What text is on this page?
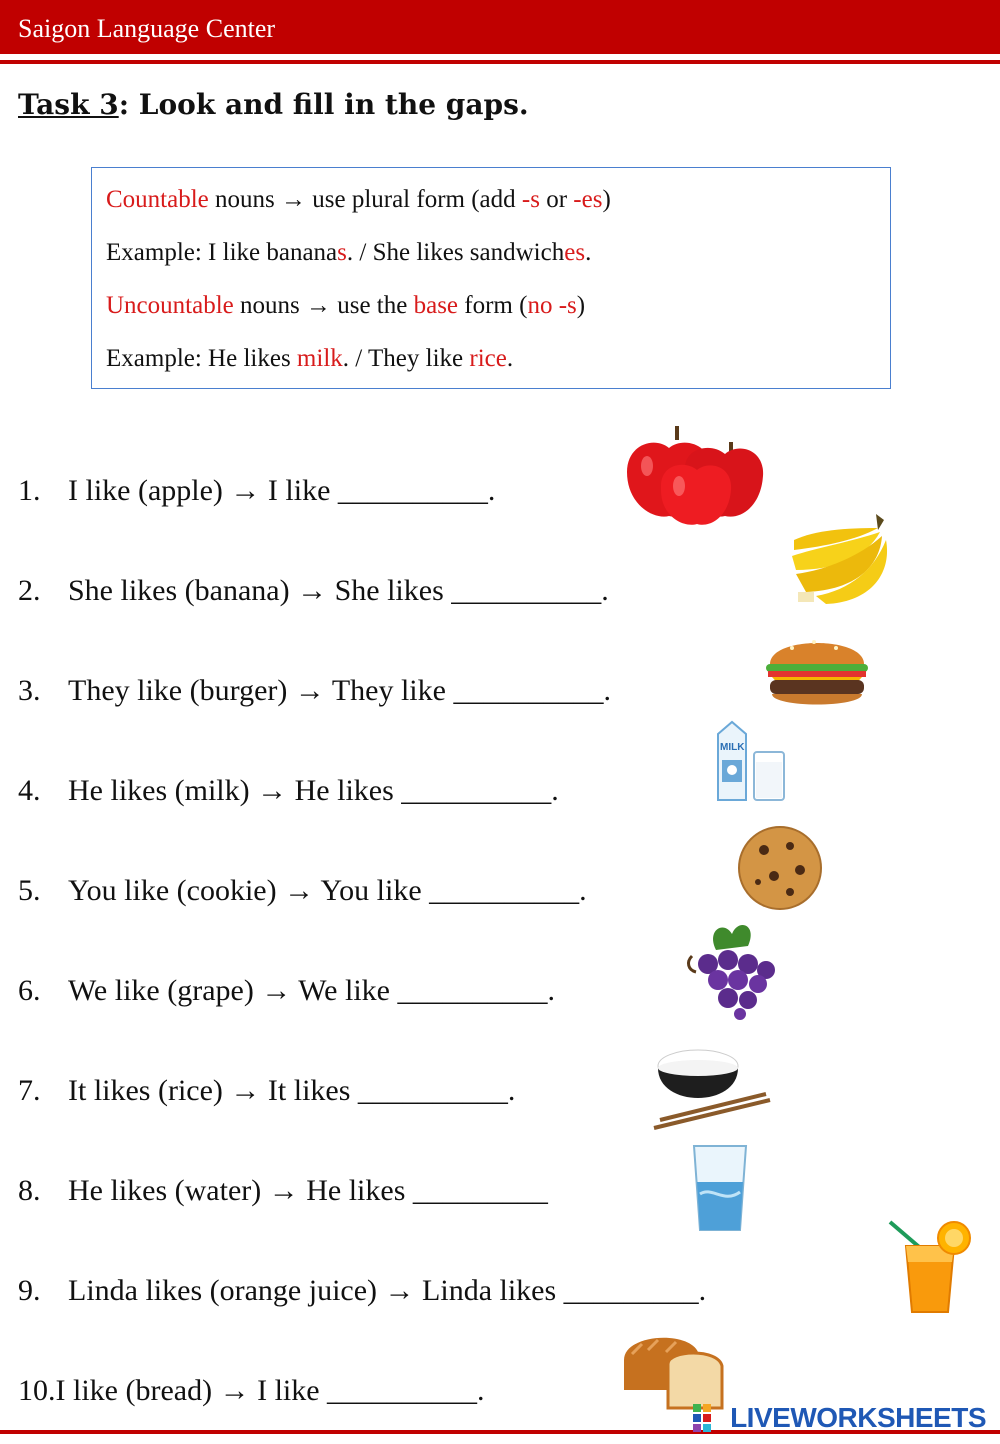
Saigon Language Center
Task 3: Look and fill in the gaps.
Countable nouns → use plural form (add -s or -es)
Example: I like bananas. / She likes sandwiches.
Uncountable nouns → use the base form (no -s)
Example: He likes milk. / They like rice.
1. I like (apple) → I like __________.
2. She likes (banana) → She likes __________.
3. They like (burger) → They like __________.
4. He likes (milk) → He likes __________.
5. You like (cookie) → You like __________.
6. We like (grape) → We like __________.
7. It likes (rice) → It likes __________.
8. He likes (water) → He likes _________
9. Linda likes (orange juice) → Linda likes _________.
10.I like (bread) → I like __________.
MILK
LIVEWORKSHEETS
